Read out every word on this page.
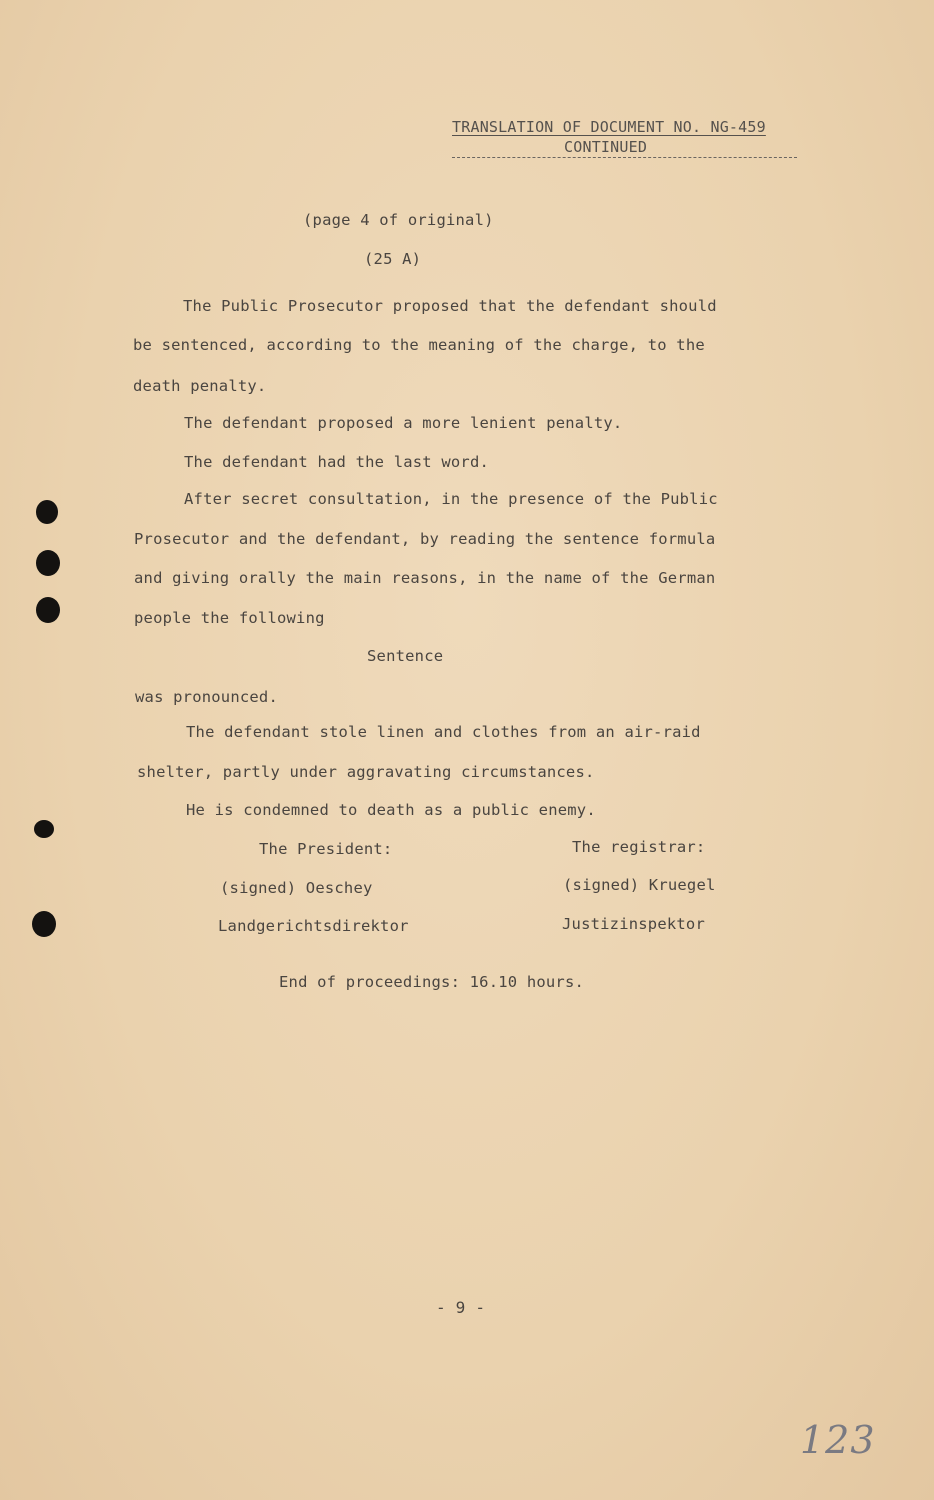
TRANSLATION OF DOCUMENT NO. NG-459
CONTINUED
(page 4 of original)
(25 A)
The Public Prosecutor proposed that the defendant should
be sentenced, according to the meaning of the charge, to the
death penalty.
The defendant proposed a more lenient penalty.
The defendant had the last word.
After secret consultation, in the presence of the Public
Prosecutor and the defendant, by reading the sentence formula
and giving orally the main reasons, in the name of the German
people the following
Sentence
was pronounced.
The defendant stole linen and clothes from an air-raid
shelter, partly under aggravating circumstances.
He is condemned to death as a public enemy.
The President:
(signed) Oeschey
Landgerichtsdirektor
The registrar:
(signed) Kruegel
Justizinspektor
End of proceedings: 16.10 hours.
- 9 -
123
